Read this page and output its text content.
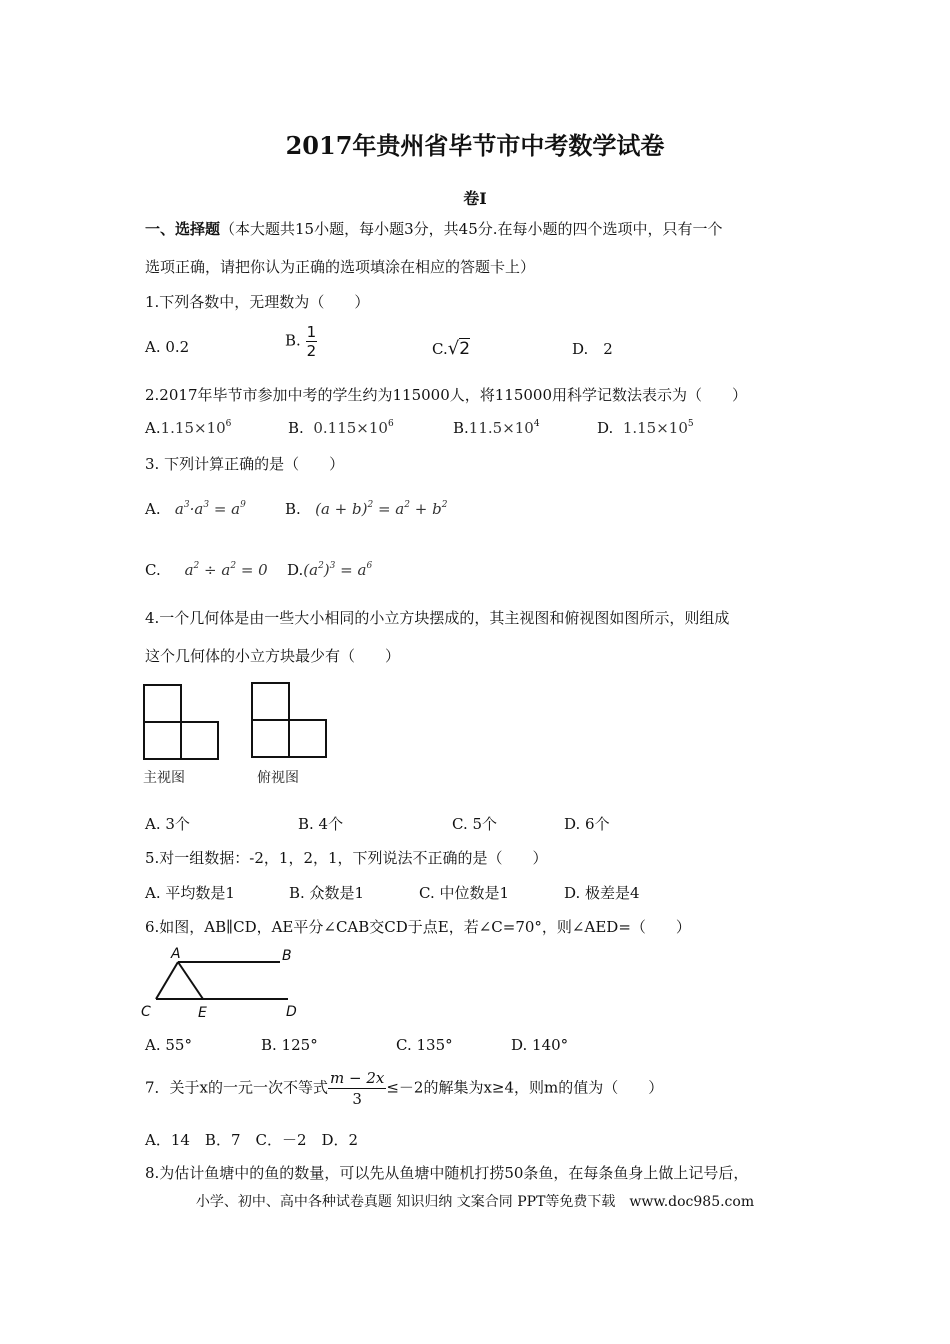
2017年贵州省毕节市中考数学试卷
卷Ⅰ
一、选择题（本大题共15小题，每小题3分，共45分.在每小题的四个选项中，只有一个
选项正确，请把你认为正确的选项填涂在相应的答题卡上）
1.下列各数中，无理数为（　　）
A. 0.2	B. $\frac{1}{2}$	C.√2	D.　2
2.2017年毕节市参加中考的学生约为115000人，将115000用科学记数法表示为（　　）
$A.1.15\times 10^6$	B. $0.115\times 10^6$	$B.11.5\times 10^4$	D. $1.15\times 10^5$
3. 下列计算正确的是（　　）
A. $a^3\cdot a^3 = a^9$	B. $(a + b)^2 = a^2 + b^2$
C. $a^2 \div a^2 = 0$ $D.(a^2)^3 = a^6$
4.一个几何体是由一些大小相同的小立方块摆成的，其主视图和俯视图如图所示，则组成
这个几何体的小立方块最少有（　　）
主视图	俯视图
A. 3个	B. 4个	C. 5个	D. 6个
5.对一组数据：-2，1，2，1，下列说法不正确的是（　　）
A. 平均数是1	B. 众数是1	C. 中位数是1	D. 极差是4
6.如图，AB∥CD，AE平分∠CAB交CD于点E，若∠C=70°，则∠AED=（　　）
A	B
C	E	D
A. 55°	B. 125°	C. 135°	D. 140°
7．关于x的一元一次不等式 $\frac{m - 2x}{3} \le-2$的解集为x≥4，则m的值为（　　）
A．14　B．7　C．－2　D．2
8.为估计鱼塘中的鱼的数量，可以先从鱼塘中随机打捞50条鱼，在每条鱼身上做上记号后，
小学、初中、高中各种试卷真题 知识归纳 文案合同 PPT等免费下载　www.doc985.com
